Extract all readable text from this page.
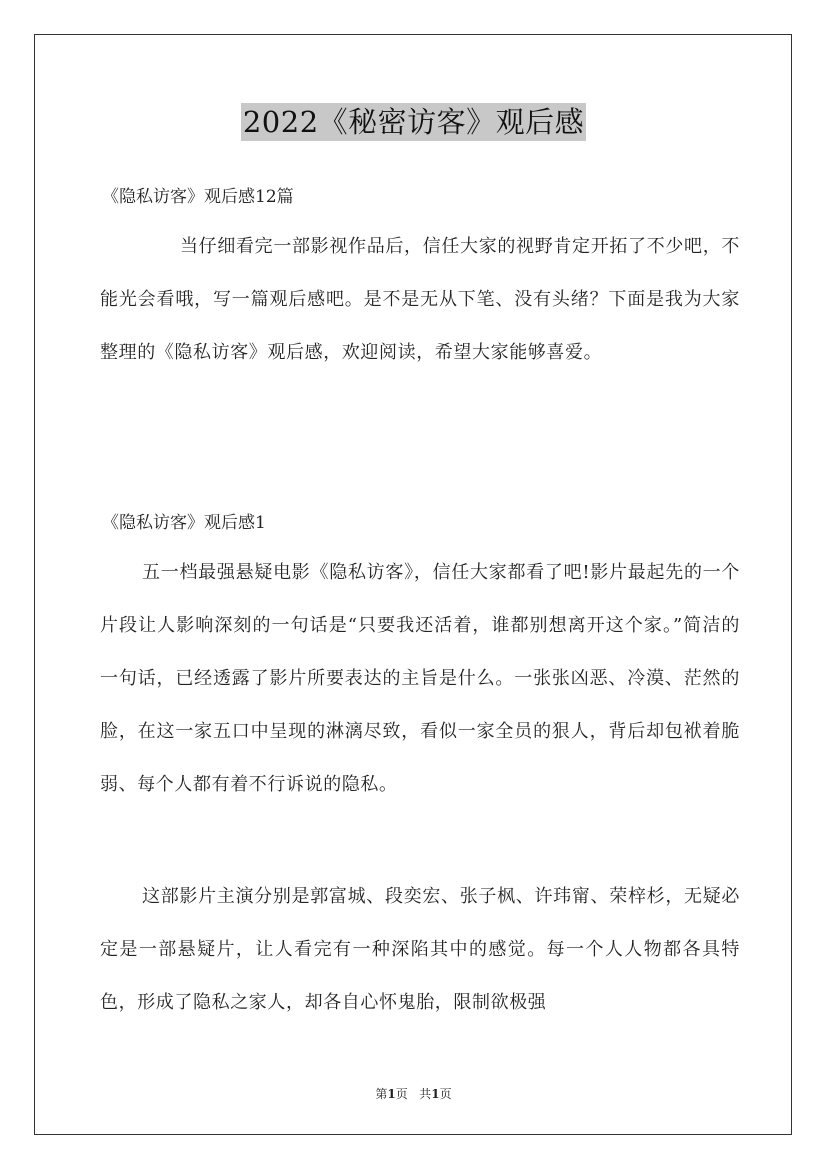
2022《秘密访客》观后感
《隐私访客》观后感12篇

当仔细看完一部影视作品后，信任大家的视野肯定开拓了不少吧，不能光会看哦，写一篇观后感吧。是不是无从下笔、没有头绪？下面是我为大家整理的《隐私访客》观后感，欢迎阅读，希望大家能够喜爱。

《隐私访客》观后感1

五一档最强悬疑电影《隐私访客》，信任大家都看了吧!影片最起先的一个片段让人影响深刻的一句话是“只要我还活着，谁都别想离开这个家。”简洁的一句话，已经透露了影片所要表达的主旨是什么。一张张凶恶、冷漠、茫然的脸，在这一家五口中呈现的淋漓尽致，看似一家全员的狠人，背后却包袱着脆弱、每个人都有着不行诉说的隐私。

这部影片主演分别是郭富城、段奕宏、张子枫、许玮甯、荣梓杉，无疑必定是一部悬疑片，让人看完有一种深陷其中的感觉。每一个人人物都各具特色，形成了隐私之家人，却各自心怀鬼胎，限制欲极强

第1页 共1页
